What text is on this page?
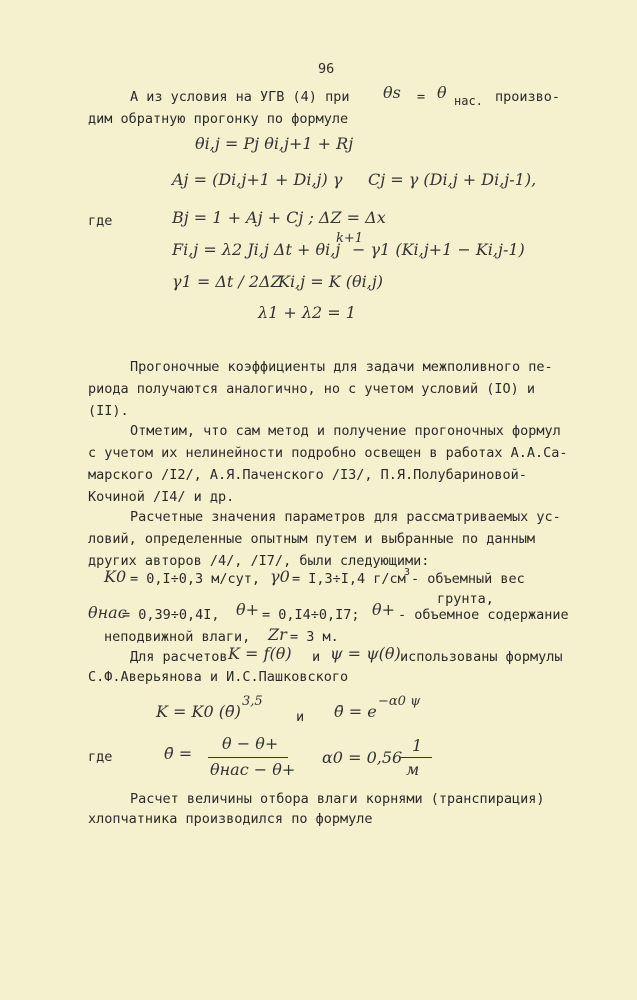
96
А из условия на УГВ (4) при θs = θ нас. произво-
дим обратную прогонку по формуле
θi,j = Pj θi,j+1 + Rj
Aj = (Di,j+1 + Di,j) γ Cj = γ (Di,j + Di,j-1),
где	Bj = 1 + Aj + Cj ; ΔZ = Δx
Fi,j = λ2 Ji,j Δt + θi,j
k+1
− γ1 (Ki,j+1 − Ki,j-1)
γ1 = Δt / 2ΔZ
Ki,j = K (θi,j)
λ1 + λ2 = 1
Прогоночные коэффициенты для задачи межполивного пе-
риода получаются аналогично, но с учетом условий (IO) и
(II).
Отметим, что сам метод и получение прогоночных формул
с учетом их нелинейности подробно освещен в работах А.А.Са-
марского /I2/, А.Я.Паченского /I3/, П.Я.Полубариновой-
Кочиной /I4/ и др.
Расчетные значения параметров для рассматриваемых ус-
ловий, определенные опытным путем и выбранные по данным
других авторов /4/, /I7/, были следующими:
K0 = 0,I÷0,3 м/сут, γ0 = I,3÷I,4 г/см
3 - объемный вес
грунта,
θнас
= 0,39÷0,4I, θ+ = 0,I4÷0,I7; θ+ - объемное содержание
неподвижной влаги, Zr = 3 м.
Для расчетов K = f(θ) и ψ = ψ(θ) использованы формулы
С.Ф.Аверьянова и И.С.Пашковского
K = K0 (θ̄)
3,5
и θ̄ = e
−α0 ψ
где	θ̄ =
θ − θ+
θнас − θ+
α0 = 0,56
1
м
Расчет величины отбора влаги корнями (транспирация)
хлопчатника производился по формуле
